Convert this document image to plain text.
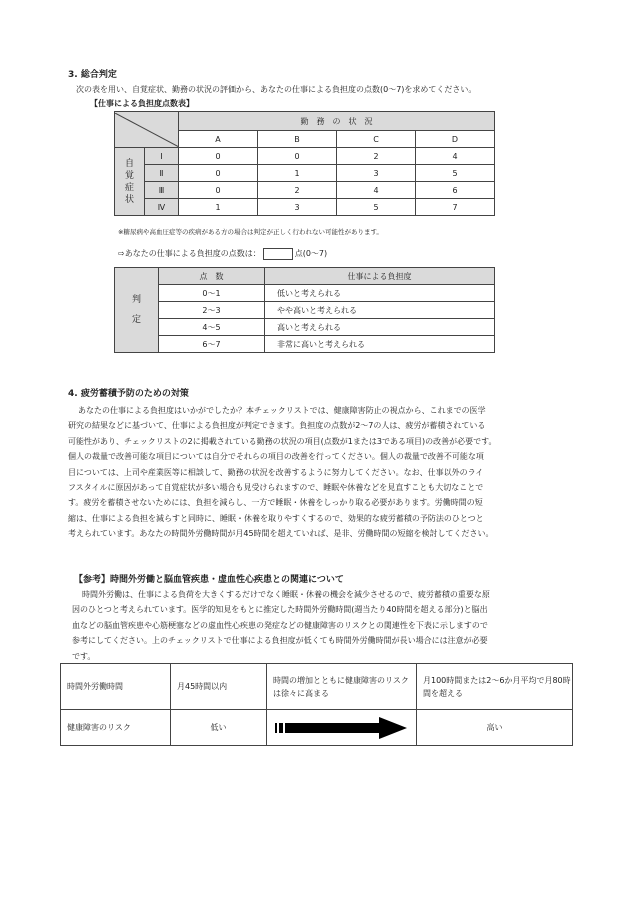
3. 総合判定
次の表を用い、自覚症状、勤務の状況の評価から、あなたの仕事による負担度の点数(0〜7)を求めてください。
【仕事による負担度点数表】
	勤　務　の　状　況			
		A	B	C	D

自
覚
症
状	Ⅰ	0	0	2	4
	Ⅱ	0	1	3	5
	Ⅲ	0	2	4	6
	Ⅳ	1	3	5	7
※糖尿病や高血圧症等の疾病がある方の場合は判定が正しく行われない可能性があります。
⇨あなたの仕事による負担度の点数は：	点(0〜7)
判
定	点　数	仕事による負担度
	0〜1	低いと考えられる
	2〜3	やや高いと考えられる
	4〜5	高いと考えられる
	6〜7	非常に高いと考えられる
4. 疲労蓄積予防のための対策
あなたの仕事による負担度はいかがでしたか？本チェックリストでは、健康障害防止の視点から、これまでの医学
研究の結果などに基づいて、仕事による負担度が判定できます。負担度の点数が2〜7の人は、疲労が蓄積されている
可能性があり、チェックリストの2に掲載されている勤務の状況の項目(点数が1または3である項目)の改善が必要です。
個人の裁量で改善可能な項目については自分でそれらの項目の改善を行ってください。個人の裁量で改善不可能な項
目については、上司や産業医等に相談して、勤務の状況を改善するように努力してください。なお、仕事以外のライ
フスタイルに原因があって自覚症状が多い場合も見受けられますので、睡眠や休養などを見直すことも大切なことで
す。疲労を蓄積させないためには、負担を減らし、一方で睡眠・休養をしっかり取る必要があります。労働時間の短
縮は、仕事による負担を減らすと同時に、睡眠・休養を取りやすくするので、効果的な疲労蓄積の予防法のひとつと
考えられています。あなたの時間外労働時間が月45時間を超えていれば、是非、労働時間の短縮を検討してください。
【参考】時間外労働と脳血管疾患・虚血性心疾患との関連について
時間外労働は、仕事による負荷を大きくするだけでなく睡眠・休養の機会を減少させるので、疲労蓄積の重要な原
因のひとつと考えられています。医学的知見をもとに推定した時間外労働時間(週当たり40時間を超える部分)と脳出
血などの脳血管疾患や心筋梗塞などの虚血性心疾患の発症などの健康障害のリスクとの関連性を下表に示しますので
参考にしてください。上のチェックリストで仕事による負担度が低くても時間外労働時間が長い場合には注意が必要
です。
時間外労働時間	月45時間以内	時間の増加とともに健康障害のリスクは徐々に高まる	月100時間または2〜6か月平均で月80時間を超える
健康障害のリスク	低い		高い
